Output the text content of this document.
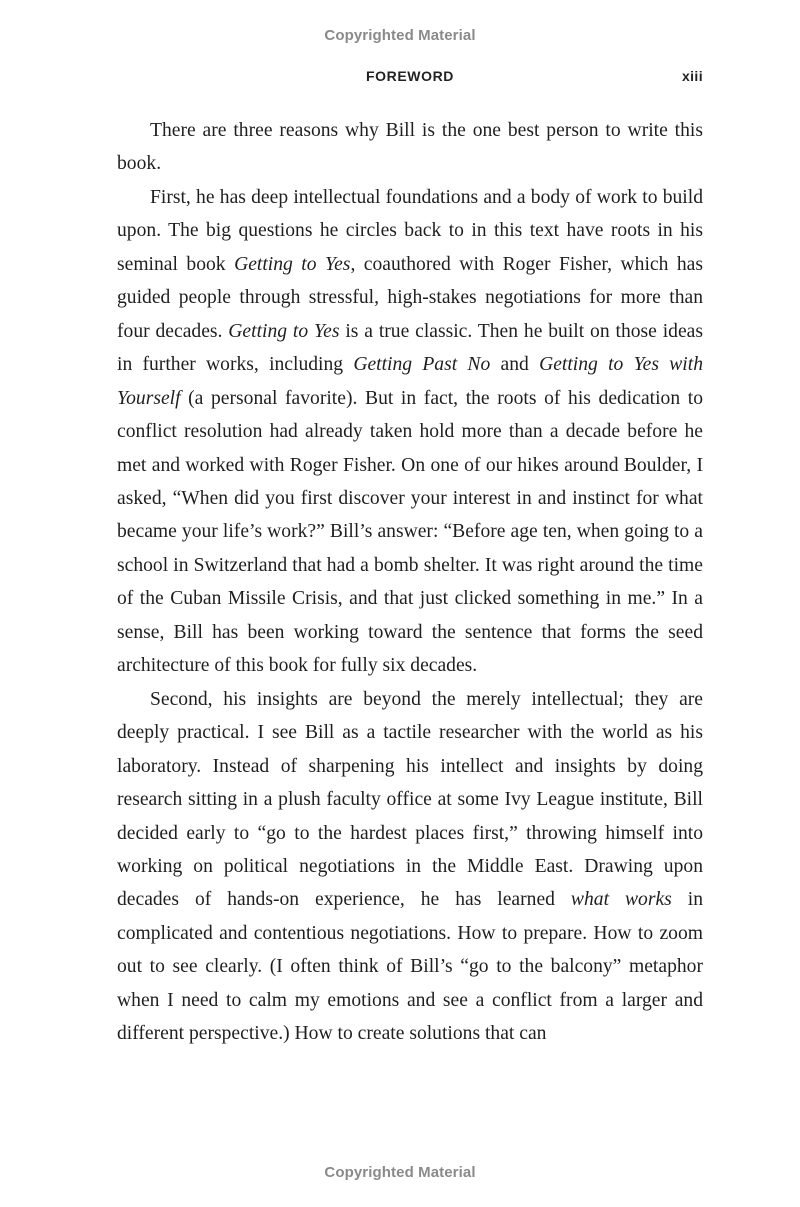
Copyrighted Material
FOREWORD	xiii

There are three reasons why Bill is the one best person to write this book.

First, he has deep intellectual foundations and a body of work to build upon. The big questions he circles back to in this text have roots in his seminal book Getting to Yes, coauthored with Roger Fisher, which has guided people through stressful, high-stakes negotiations for more than four decades. Getting to Yes is a true classic. Then he built on those ideas in further works, including Getting Past No and Getting to Yes with Yourself (a personal favorite). But in fact, the roots of his dedication to conflict resolution had already taken hold more than a decade before he met and worked with Roger Fisher. On one of our hikes around Boulder, I asked, “When did you first discover your interest in and instinct for what became your life’s work?” Bill’s answer: “Before age ten, when going to a school in Switzerland that had a bomb shelter. It was right around the time of the Cuban Missile Crisis, and that just clicked something in me.” In a sense, Bill has been working toward the sentence that forms the seed architecture of this book for fully six decades.

Second, his insights are beyond the merely intellectual; they are deeply practical. I see Bill as a tactile researcher with the world as his laboratory. Instead of sharpening his intellect and insights by doing research sitting in a plush faculty office at some Ivy League institute, Bill decided early to “go to the hardest places first,” throwing himself into working on political negotiations in the Middle East. Drawing upon decades of hands-on experience, he has learned what works in complicated and contentious negotiations. How to prepare. How to zoom out to see clearly. (I often think of Bill’s “go to the balcony” metaphor when I need to calm my emotions and see a conflict from a larger and different perspective.) How to create solutions that can

Copyrighted Material
